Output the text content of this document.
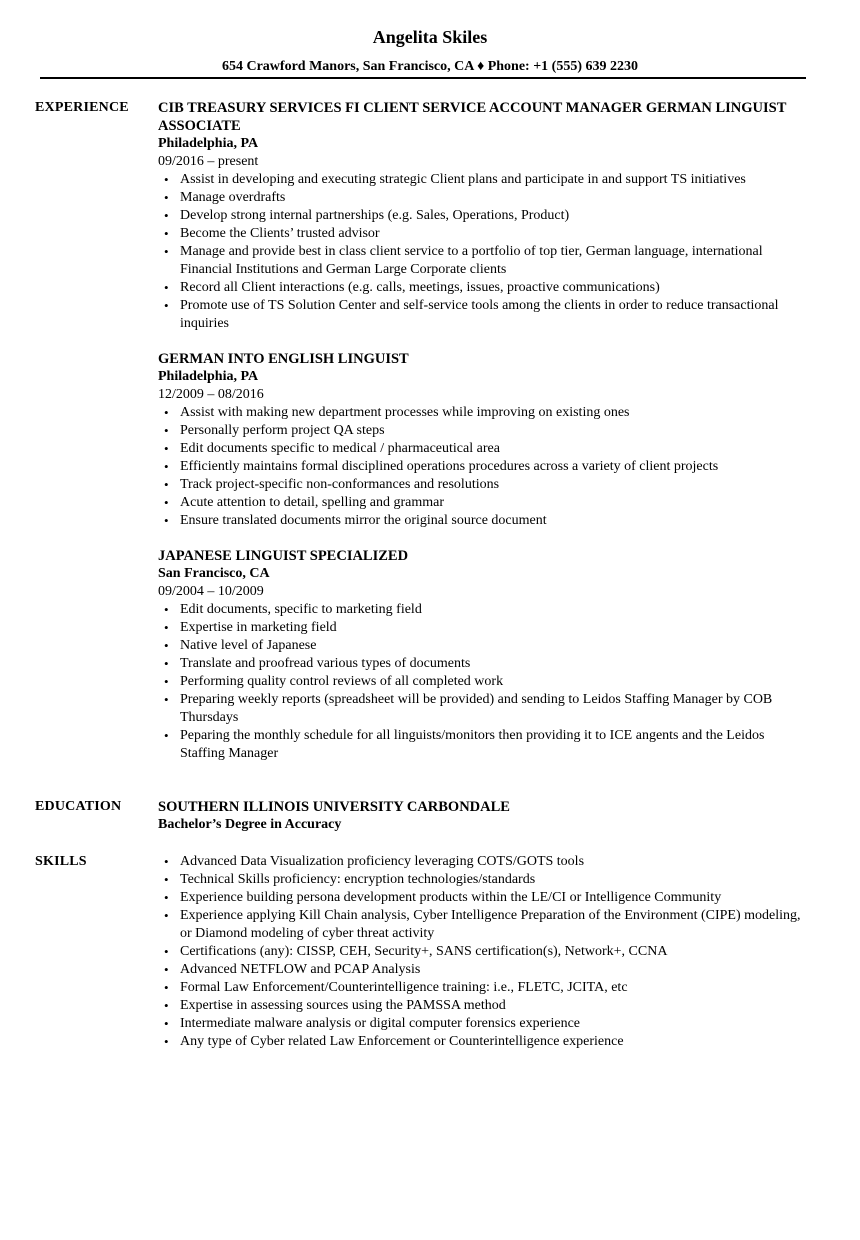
Angelita Skiles
654 Crawford Manors, San Francisco, CA ♦ Phone: +1 (555) 639 2230
EXPERIENCE	CIB TREASURY SERVICES FI CLIENT SERVICE ACCOUNT MANAGER GERMAN LINGUIST ASSOCIATE
Philadelphia, PA
09/2016 – present
• Assist in developing and executing strategic Client plans and participate in and support TS initiatives
• Manage overdrafts
• Develop strong internal partnerships (e.g. Sales, Operations, Product)
• Become the Clients’ trusted advisor
• Manage and provide best in class client service to a portfolio of top tier, German language, international Financial Institutions and German Large Corporate clients
• Record all Client interactions (e.g. calls, meetings, issues, proactive communications)
• Promote use of TS Solution Center and self-service tools among the clients in order to reduce transactional inquiries
GERMAN INTO ENGLISH LINGUIST
Philadelphia, PA
12/2009 – 08/2016
• Assist with making new department processes while improving on existing ones
• Personally perform project QA steps
• Edit documents specific to medical / pharmaceutical area
• Efficiently maintains formal disciplined operations procedures across a variety of client projects
• Track project-specific non-conformances and resolutions
• Acute attention to detail, spelling and grammar
• Ensure translated documents mirror the original source document
JAPANESE LINGUIST SPECIALIZED
San Francisco, CA
09/2004 – 10/2009
• Edit documents, specific to marketing field
• Expertise in marketing field
• Native level of Japanese
• Translate and proofread various types of documents
• Performing quality control reviews of all completed work
• Preparing weekly reports (spreadsheet will be provided) and sending to Leidos Staffing Manager by COB Thursdays
• Peparing the monthly schedule for all linguists/monitors then providing it to ICE angents and the Leidos Staffing Manager
EDUCATION	SOUTHERN ILLINOIS UNIVERSITY CARBONDALE
Bachelor’s Degree in Accuracy
SKILLS
•	Advanced Data Visualization proficiency leveraging COTS/GOTS tools
• Technical Skills proficiency: encryption technologies/standards
• Experience building persona development products within the LE/CI or Intelligence Community
• Experience applying Kill Chain analysis, Cyber Intelligence Preparation of the Environment (CIPE) modeling, or Diamond modeling of cyber threat activity
• Certifications (any): CISSP, CEH, Security+, SANS certification(s), Network+, CCNA
• Advanced NETFLOW and PCAP Analysis
• Formal Law Enforcement/Counterintelligence training: i.e., FLETC, JCITA, etc
• Expertise in assessing sources using the PAMSSA method
• Intermediate malware analysis or digital computer forensics experience
• Any type of Cyber related Law Enforcement or Counterintelligence experience
